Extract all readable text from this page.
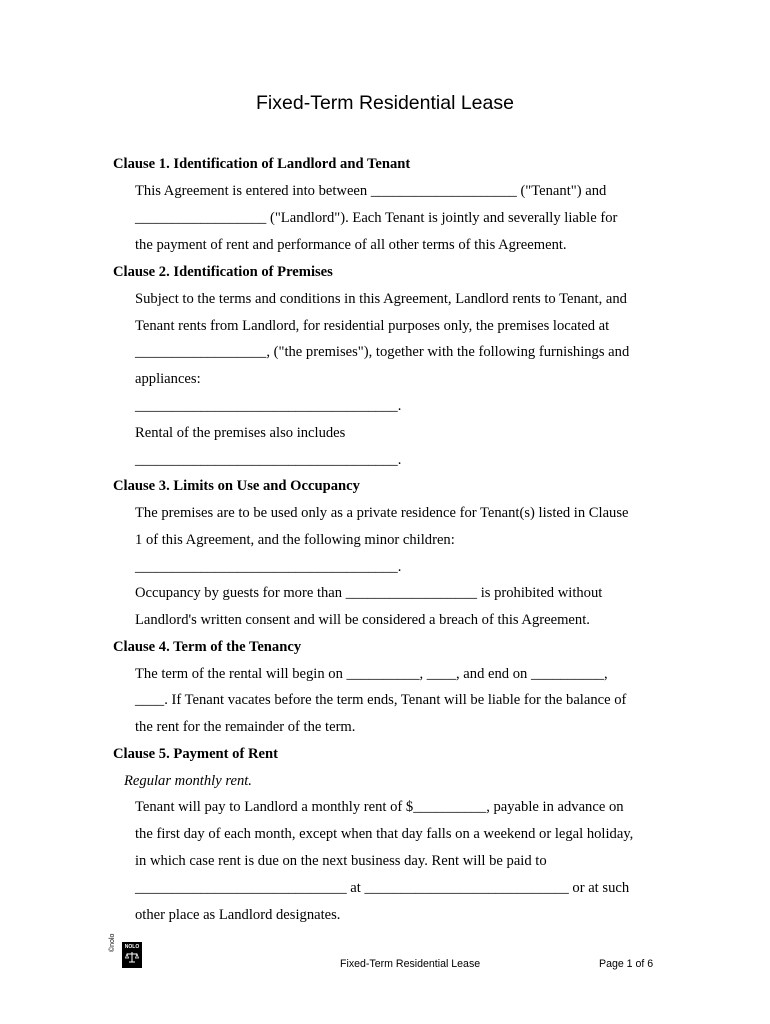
Fixed-Term Residential Lease
Clause 1. Identification of Landlord and Tenant
This Agreement is entered into between ____________________ ("Tenant") and
__________________ ("Landlord"). Each Tenant is jointly and severally liable for
the payment of rent and performance of all other terms of this Agreement.
Clause 2. Identification of Premises
Subject to the terms and conditions in this Agreement, Landlord rents to Tenant, and
Tenant rents from Landlord, for residential purposes only, the premises located at
__________________, ("the premises"), together with the following furnishings and
appliances:
____________________________________.
Rental of the premises also includes
____________________________________.
Clause 3. Limits on Use and Occupancy
The premises are to be used only as a private residence for Tenant(s) listed in Clause
1 of this Agreement, and the following minor children:
____________________________________.
Occupancy by guests for more than __________________ is prohibited without
Landlord's written consent and will be considered a breach of this Agreement.
Clause 4. Term of the Tenancy
The term of the rental will begin on __________, ____, and end on __________,
____. If Tenant vacates before the term ends, Tenant will be liable for the balance of
the rent for the remainder of the term.
Clause 5. Payment of Rent
Regular monthly rent.
Tenant will pay to Landlord a monthly rent of $__________, payable in advance on
the first day of each month, except when that day falls on a weekend or legal holiday,
in which case rent is due on the next business day. Rent will be paid to
_____________________________ at ____________________________ or at such
other place as Landlord designates.
©nolo	NOLO
Fixed-Term Residential Lease	Page 1 of 6
